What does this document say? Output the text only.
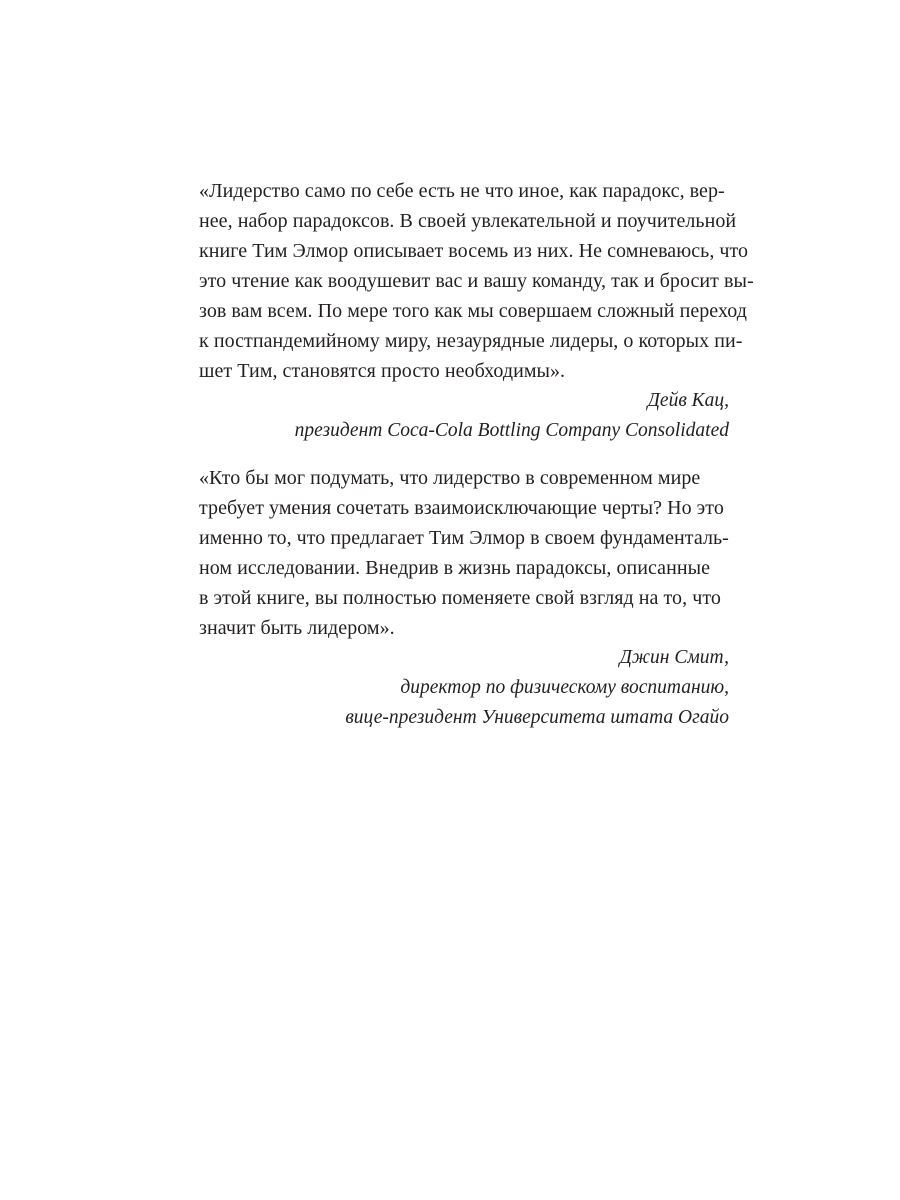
«Лидерство само по себе есть не что иное, как парадокс, вер-
нее, набор парадоксов. В своей увлекательной и поучительной
книге Тим Элмор описывает восемь из них. Не сомневаюсь, что
это чтение как воодушевит вас и вашу команду, так и бросит вы-
зов вам всем. По мере того как мы совершаем сложный переход
к постпандемийному миру, незаурядные лидеры, о которых пи-
шет Тим, становятся просто необходимы».
Дейв Кац,
президент Coca-Cola Bottling Company Consolidated
«Кто бы мог подумать, что лидерство в современном мире
требует умения сочетать взаимоисключающие черты? Но это
именно то, что предлагает Тим Элмор в своем фундаменталь-
ном исследовании. Внедрив в жизнь парадоксы, описанные
в этой книге, вы полностью поменяете свой взгляд на то, что
значит быть лидером».
Джин Смит,
директор по физическому воспитанию,
вице-президент Университета штата Огайо
